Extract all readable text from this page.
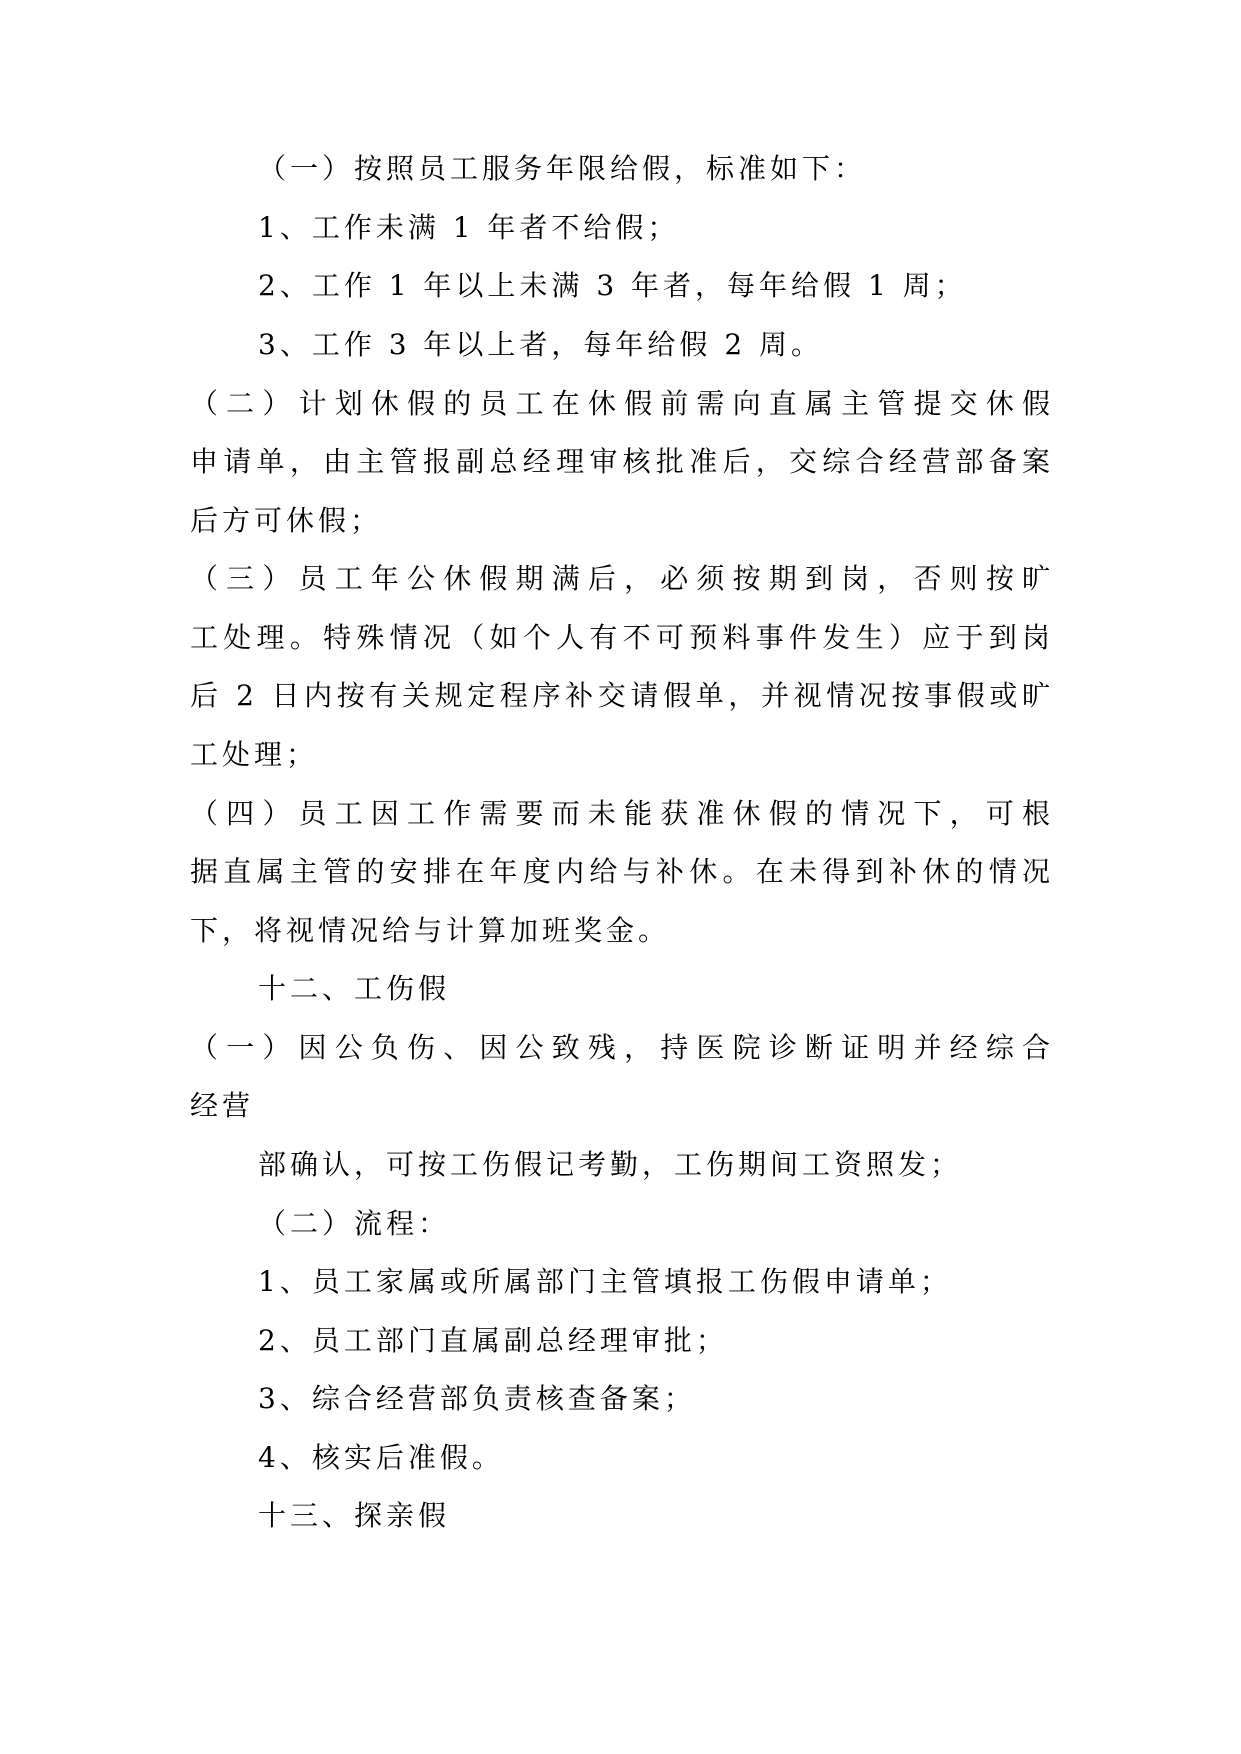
（一）按照员工服务年限给假，标准如下：

1、工作未满 1 年者不给假；

2、工作 1 年以上未满 3 年者，每年给假 1 周；

3、工作 3 年以上者，每年给假 2 周。

（二）计划休假的员工在休假前需向直属主管提交休假

申请单，由主管报副总经理审核批准后，交综合经营部备案

后方可休假；

（三）员工年公休假期满后，必须按期到岗，否则按旷

工处理。特殊情况（如个人有不可预料事件发生）应于到岗

后 2 日内按有关规定程序补交请假单，并视情况按事假或旷

工处理；

（四）员工因工作需要而未能获准休假的情况下，可根

据直属主管的安排在年度内给与补休。在未得到补休的情况

下，将视情况给与计算加班奖金。

十二、工伤假

（一）因公负伤、因公致残，持医院诊断证明并经综合

经营

部确认，可按工伤假记考勤，工伤期间工资照发；

（二）流程：

1、员工家属或所属部门主管填报工伤假申请单；

2、员工部门直属副总经理审批；

3、综合经营部负责核查备案；

4、核实后准假。

十三、探亲假
